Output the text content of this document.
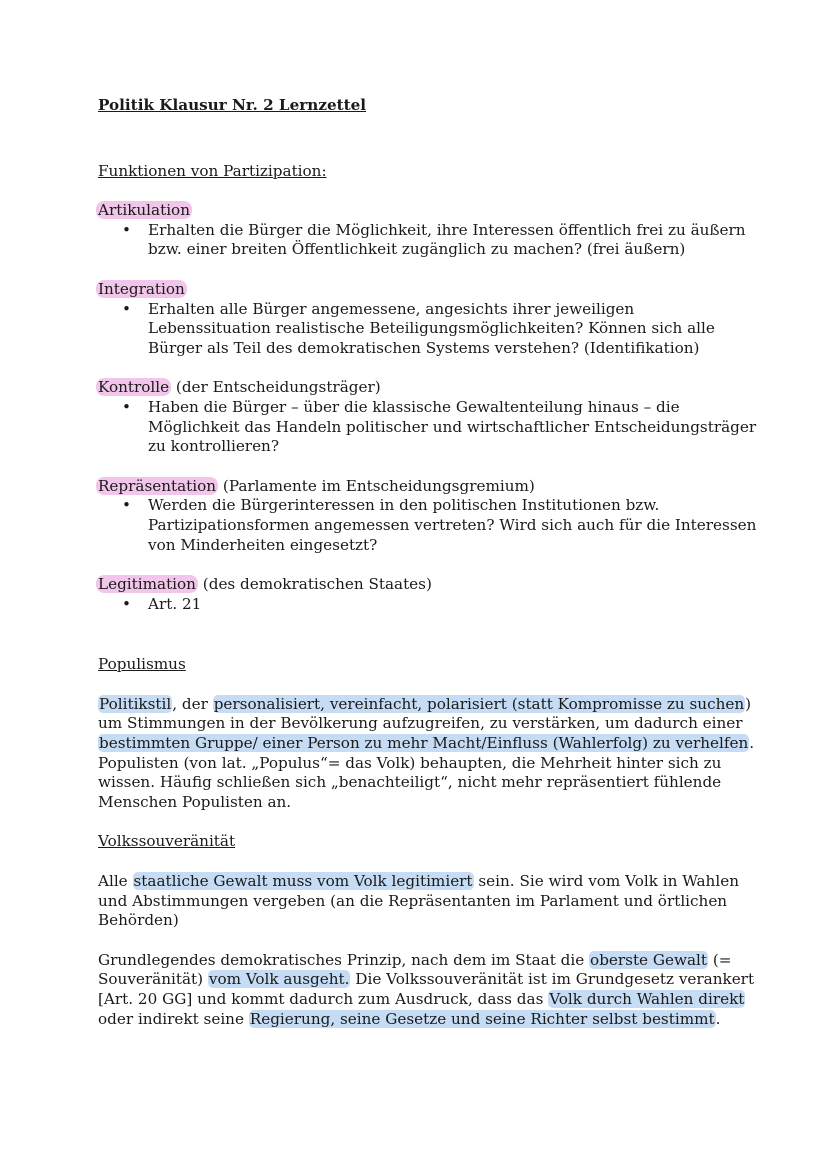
Politik Klausur Nr. 2 Lernzettel

Funktionen von Partizipation:

Artikulation

• Erhalten die Bürger die Möglichkeit, ihre Interessen öffentlich frei zu äußern bzw. einer breiten Öffentlichkeit zugänglich zu machen? (frei äußern)

Integration

• Erhalten alle Bürger angemessene, angesichts ihrer jeweiligen Lebenssituation realistische Beteiligungsmöglichkeiten? Können sich alle Bürger als Teil des demokratischen Systems verstehen? (Identifikation)

Kontrolle (der Entscheidungsträger)

• Haben die Bürger – über die klassische Gewaltenteilung hinaus – die Möglichkeit das Handeln politischer und wirtschaftlicher Entscheidungsträger zu kontrollieren?

Repräsentation (Parlamente im Entscheidungsgremium)

• Werden die Bürgerinteressen in den politischen Institutionen bzw. Partizipationsformen angemessen vertreten? Wird sich auch für die Interessen von Minderheiten eingesetzt?

Legitimation (des demokratischen Staates)

• Art. 21

Populismus

Politikstil, der personalisiert, vereinfacht, polarisiert (statt Kompromisse zu suchen) um Stimmungen in der Bevölkerung aufzugreifen, zu verstärken, um dadurch einer bestimmten Gruppe/ einer Person zu mehr Macht/Einfluss (Wahlerfolg) zu verhelfen. Populisten (von lat. „Populus“= das Volk) behaupten, die Mehrheit hinter sich zu wissen. Häufig schließen sich „benachteiligt“, nicht mehr repräsentiert fühlende Menschen Populisten an.

Volkssouveränität

Alle staatliche Gewalt muss vom Volk legitimiert sein. Sie wird vom Volk in Wahlen und Abstimmungen vergeben (an die Repräsentanten im Parlament und örtlichen Behörden)

Grundlegendes demokratisches Prinzip, nach dem im Staat die oberste Gewalt (= Souveränität) vom Volk ausgeht. Die Volkssouveränität ist im Grundgesetz verankert [Art. 20 GG] und kommt dadurch zum Ausdruck, dass das Volk durch Wahlen direkt oder indirekt seine Regierung, seine Gesetze und seine Richter selbst bestimmt.
